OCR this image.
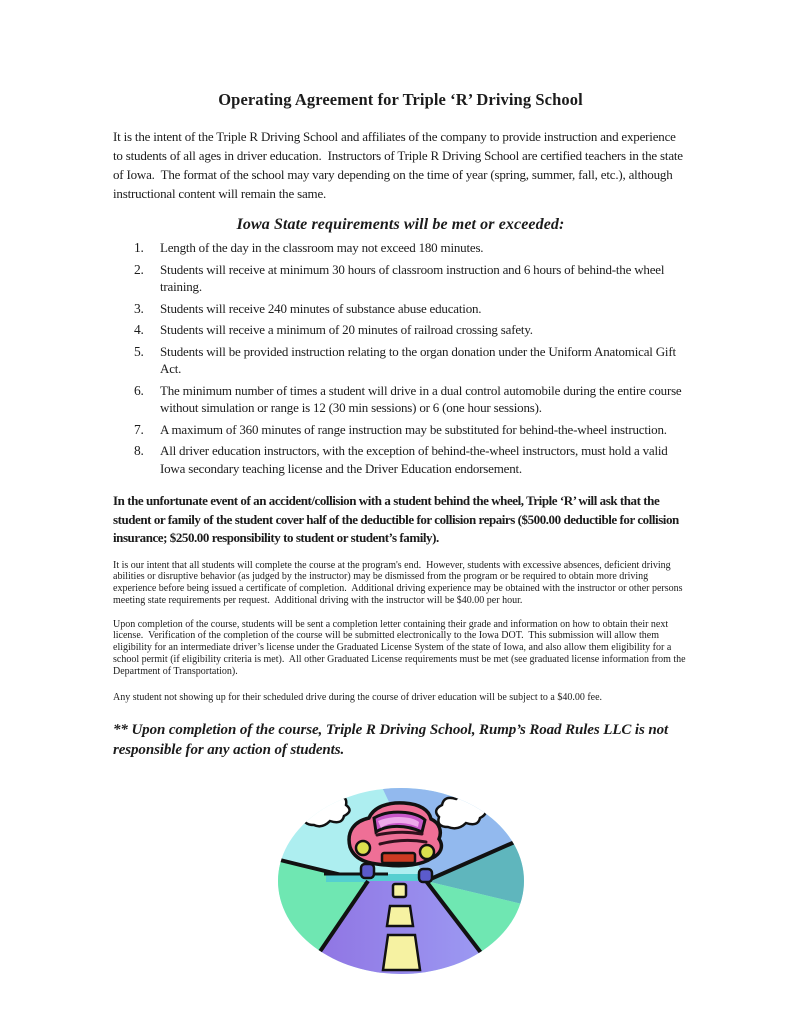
Operating Agreement for Triple ‘R’ Driving School
It is the intent of the Triple R Driving School and affiliates of the company to provide instruction and experience to students of all ages in driver education.  Instructors of Triple R Driving School are certified teachers in the state of Iowa.  The format of the school may vary depending on the time of year (spring, summer, fall, etc.), although instructional content will remain the same.
Iowa State requirements will be met or exceeded:
1.	Length of the day in the classroom may not exceed 180 minutes.
2.	Students will receive at minimum 30 hours of classroom instruction and 6 hours of behind-the wheel training.
3.	Students will receive 240 minutes of substance abuse education.
4.	Students will receive a minimum of 20 minutes of railroad crossing safety.
5.	Students will be provided instruction relating to the organ donation under the Uniform Anatomical Gift Act.
6.	The minimum number of times a student will drive in a dual control automobile during the entire course without simulation or range is 12 (30 min sessions) or 6 (one hour sessions).
7.	A maximum of 360 minutes of range instruction may be substituted for behind-the-wheel instruction.
8.	All driver education instructors, with the exception of behind-the-wheel instructors, must hold a valid Iowa secondary teaching license and the Driver Education endorsement.
In the unfortunate event of an accident/collision with a student behind the wheel, Triple ‘R’ will ask that the student or family of the student cover half of the deductible for collision repairs ($500.00 deductible for collision insurance; $250.00 responsibility to student or student’s family).
It is our intent that all students will complete the course at the program's end.  However, students with excessive absences, deficient driving abilities or disruptive behavior (as judged by the instructor) may be dismissed from the program or be required to obtain more driving experience before being issued a certificate of completion.  Additional driving experience may be obtained with the instructor or other persons meeting state requirements per request.  Additional driving with the instructor will be $40.00 per hour.
Upon completion of the course, students will be sent a completion letter containing their grade and information on how to obtain their next license.  Verification of the completion of the course will be submitted electronically to the Iowa DOT.  This submission will allow them eligibility for an intermediate driver’s license under the Graduated License System of the state of Iowa, and also allow them eligibility for a school permit (if eligibility criteria is met).  All other Graduated License requirements must be met (see graduated license information from the Department of Transportation).
Any student not showing up for their scheduled drive during the course of driver education will be subject to a $40.00 fee.
** Upon completion of the course, Triple R Driving School, Rump’s Road Rules LLC is not responsible for any action of students.
